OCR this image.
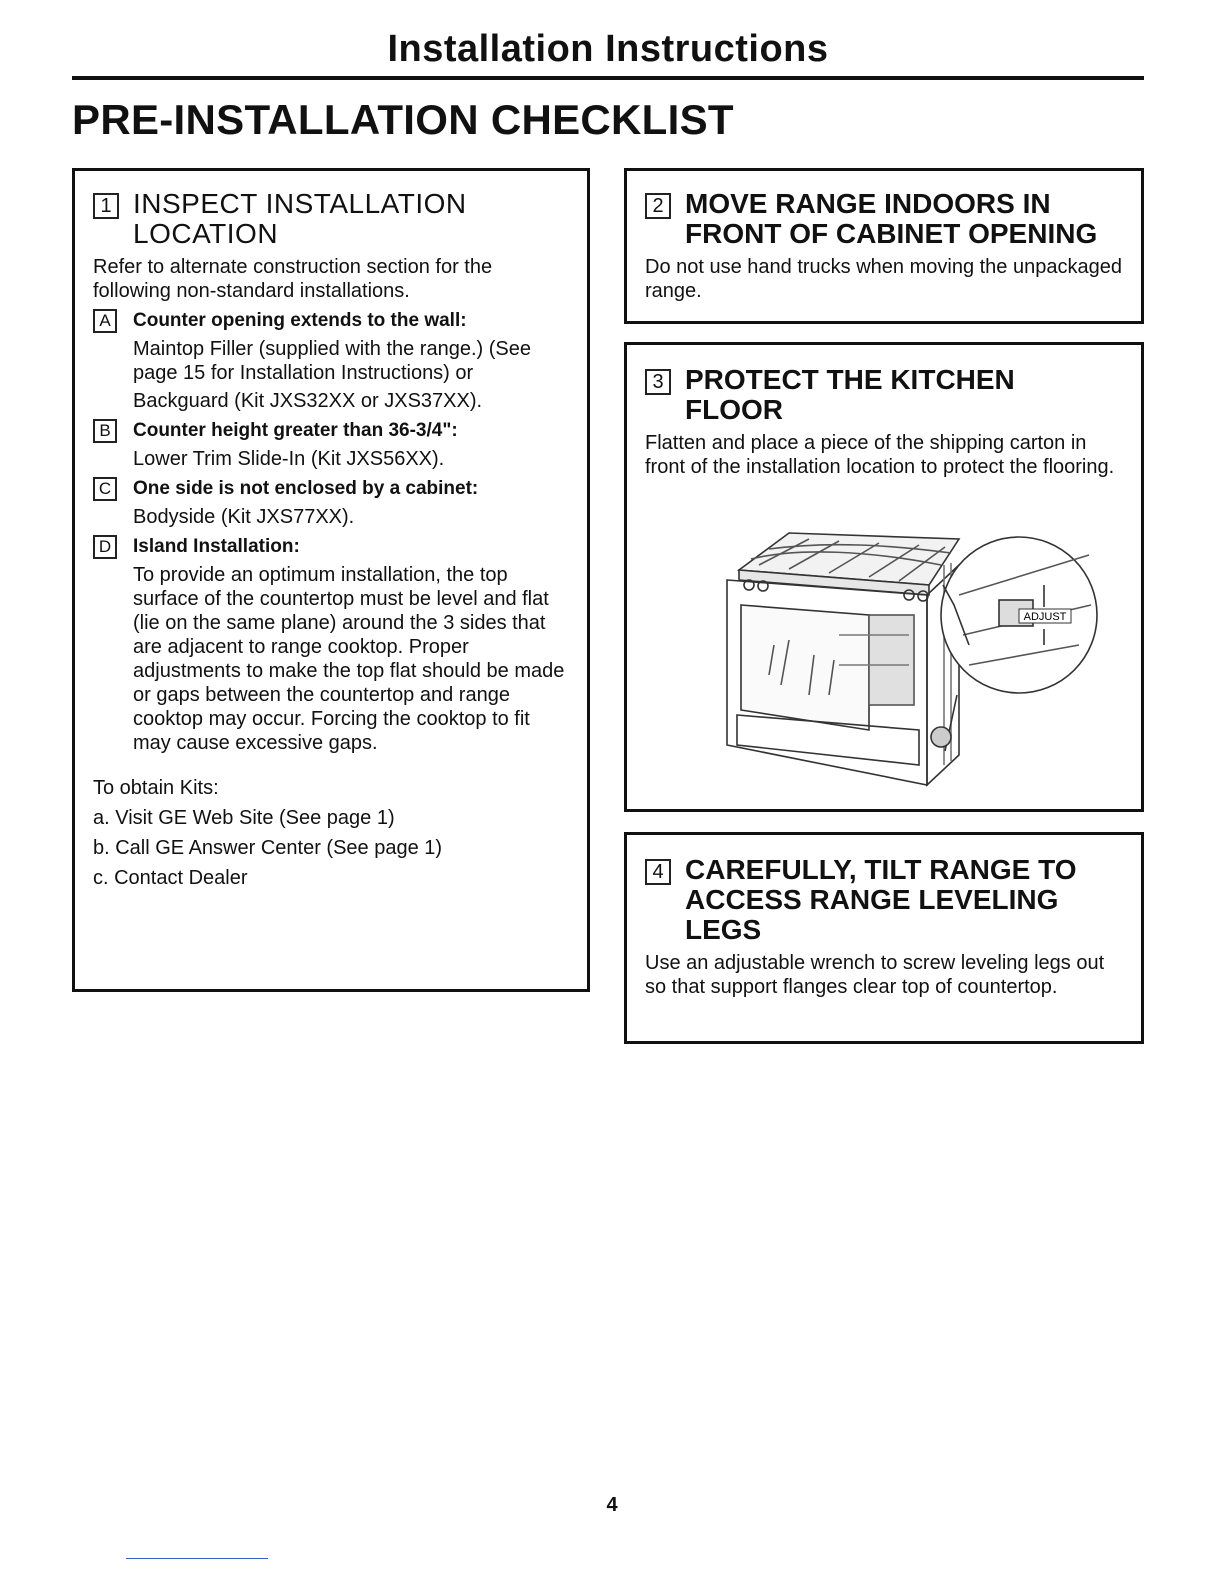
Installation Instructions
PRE-INSTALLATION CHECKLIST
1 INSPECT INSTALLATION
LOCATION
Refer to alternate construction section for the following non-standard installations.
A	Counter opening extends to the wall:
Maintop Filler (supplied with the range.) (See page 15 for Installation Instructions) or
Backguard (Kit JXS32XX or JXS37XX).
B	Counter height greater than 36-3/4":
Lower Trim Slide-In (Kit JXS56XX).
C	One side is not enclosed by a cabinet:
Bodyside (Kit JXS77XX).
D	Island Installation:
To provide an optimum installation, the top surface of the countertop must be level and flat (lie on the same plane) around the 3 sides that are adjacent to range cooktop. Proper adjustments to make the top flat should be made or gaps between the countertop and range cooktop may occur. Forcing the cooktop to fit may cause excessive gaps.
To obtain Kits:
a. Visit GE Web Site (See page 1)
b. Call GE Answer Center (See page 1)
c. Contact Dealer
2 MOVE RANGE INDOORS IN
FRONT OF CABINET OPENING
Do not use hand trucks when moving the unpackaged range.
3 PROTECT THE KITCHEN
FLOOR
Flatten and place a piece of the shipping carton in front of the installation location to protect the flooring.
ADJUST
4 CAREFULLY, TILT RANGE TO
ACCESS RANGE LEVELING
LEGS
Use an adjustable wrench to screw leveling legs out so that support flanges clear top of countertop.
4
